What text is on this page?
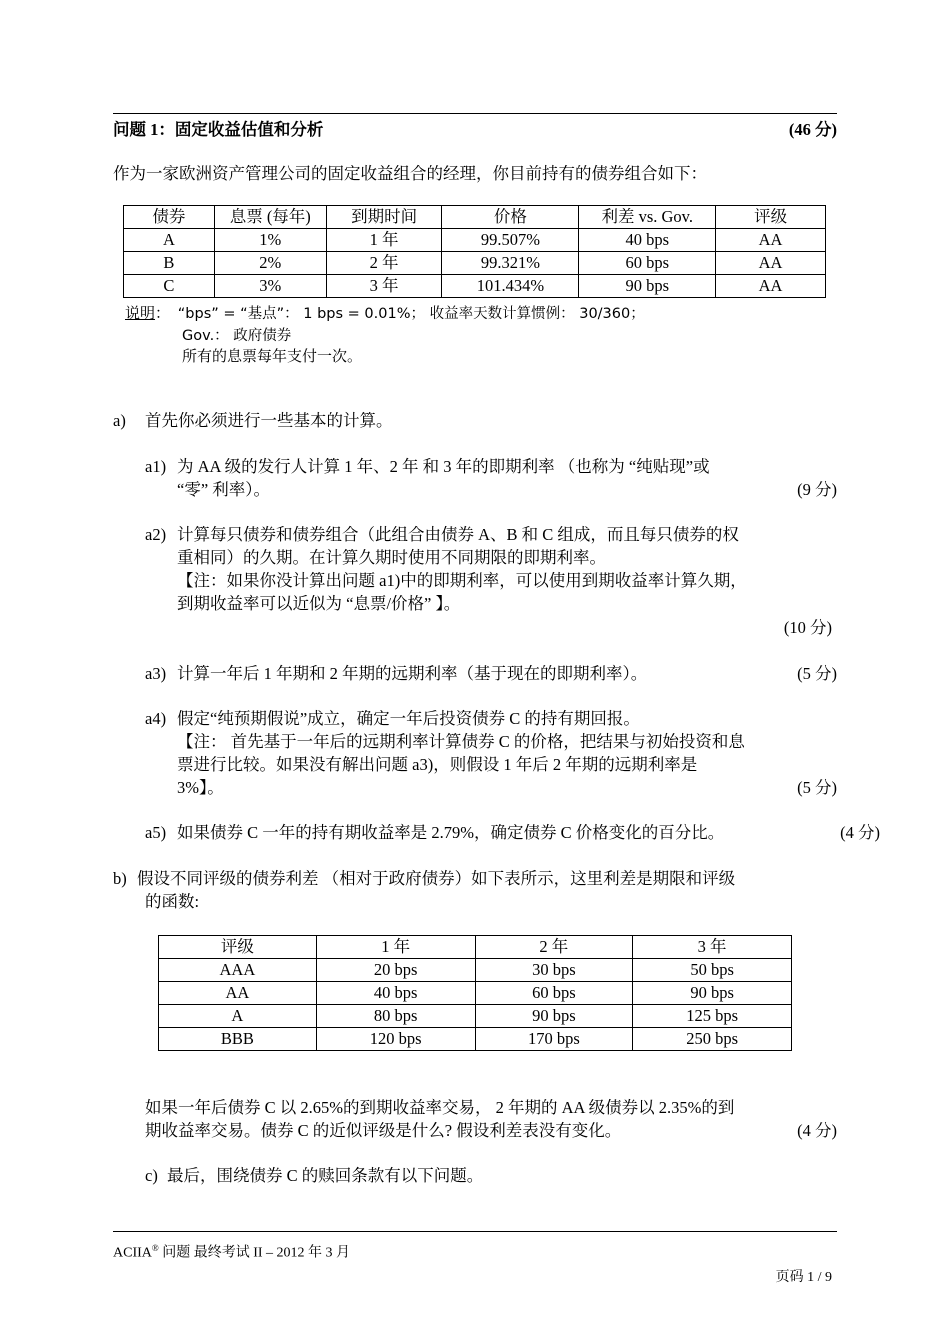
问题 1：固定收益估值和分析	(46 分)
作为一家欧洲资产管理公司的固定收益组合的经理，你目前持有的债券组合如下：
债券	息票 (每年)	到期时间	价格	利差 vs. Gov.	评级
A	1%	1 年	99.507%	40 bps	AA
B	2%	2 年	99.321%	60 bps	AA
C	3%	3 年	101.434%	90 bps	AA
说明： “bps” = “基点”： 1 bps = 0.01%； 收益率天数计算惯例： 30/360；
Gov.： 政府债券
所有的息票每年支付一次。
a) 首先你必须进行一些基本的计算。
a1) 为 AA 级的发行人计算 1 年、2 年 和 3 年的即期利率 （也称为 “纯贴现”或
“零” 利率）。	(9 分)
a2) 计算每只债券和债券组合（此组合由债券 A、B 和 C 组成，而且每只债券的权
重相同）的久期。在计算久期时使用不同期限的即期利率。
【注：如果你没计算出问题 a1)中的即期利率，可以使用到期收益率计算久期，
到期收益率可以近似为 “息票/价格” 】。
(10 分)
a3) 计算一年后 1 年期和 2 年期的远期利率（基于现在的即期利率）。	(5 分)
a4) 假定“纯预期假说”成立，确定一年后投资债券 C 的持有期回报。
【注： 首先基于一年后的远期利率计算债券 C 的价格，把结果与初始投资和息
票进行比较。如果没有解出问题 a3)，则假设 1 年后 2 年期的远期利率是
3%】。	(5 分)
a5) 如果债券 C 一年的持有期收益率是 2.79%，确定债券 C 价格变化的百分比。	(4 分)
b) 假设不同评级的债券利差 （相对于政府债券）如下表所示，这里利差是期限和评级
的函数:
评级	1 年	2 年	3 年
AAA	20 bps	30 bps	50 bps
AA	40 bps	60 bps	90 bps
A	80 bps	90 bps	125 bps
BBB	120 bps	170 bps	250 bps
如果一年后债券 C 以 2.65%的到期收益率交易， 2 年期的 AA 级债券以 2.35%的到
期收益率交易。债券 C 的近似评级是什么? 假设利差表没有变化。	(4 分)
c) 最后，围绕债券 C 的赎回条款有以下问题。
ACIIA® 问题 最终考试 II – 2012 年 3 月
页码 1 / 9
